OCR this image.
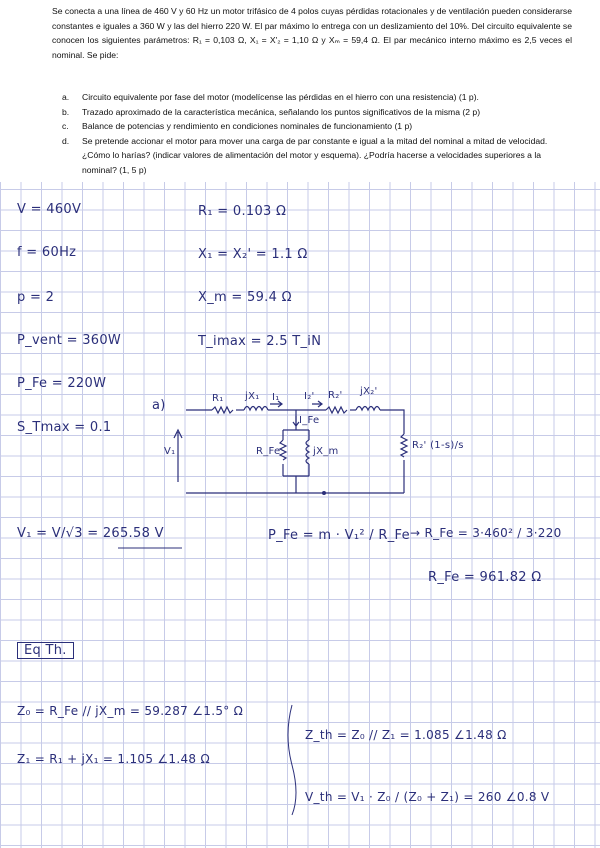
Se conecta a una línea de 460 V y 60 Hz un motor trifásico de 4 polos cuyas pérdidas rotacionales y de ventilación pueden considerarse constantes e iguales a 360 W y las del hierro 220 W. El par máximo lo entrega con un deslizamiento del 10%. Del circuito equivalente se conocen los siguientes parámetros: R₁ = 0,103 Ω, X₁ = X'₂ = 1,10 Ω y Xₘ = 59,4 Ω. El par mecánico interno máximo es 2,5 veces el nominal. Se pide:

a.	Circuito equivalente por fase del motor (modelícense las pérdidas en el hierro con una resistencia) (1 p).
b.	Trazado aproximado de la característica mecánica, señalando los puntos significativos de la misma (2 p)
c.	Balance de potencias y rendimiento en condiciones nominales de funcionamiento (1 p)
d.	Se pretende accionar el motor para mover una carga de par constante e igual a la mitad del nominal a mitad de velocidad. ¿Cómo lo harías? (indicar valores de alimentación del motor y esquema). ¿Podría hacerse a velocidades superiores a la nominal? (1, 5 p)
V = 460V
f = 60Hz
p = 2
P_vent = 360W
P_Fe = 220W
S_Tmax = 0.1
R₁ = 0.103 Ω
X₁ = X₂' = 1.1 Ω
X_m = 59.4 Ω
T_imax = 2.5 T_iN
a)	R₁ jX₁ I₁ I₂' R₂' jX₂'
I_Fe
R_Fe	jX_m
R₂' (1-s)/s
V₁
V₁ = V/√3 = 265.58 V	P_Fe = m · V₁² / R_Fe → R_Fe = 3·460² / 3·220
R_Fe = 961.82 Ω
Eq Th.
Z₀ = R_Fe // jX_m = 59.287 ∠1.5° Ω
Z₁ = R₁ + jX₁ = 1.105 ∠1.48 Ω
Z_th = Z₀ // Z₁ = 1.085 ∠1.48 Ω
V_th = V₁ · Z₀ / (Z₀ + Z₁) = 260 ∠0.8 V
